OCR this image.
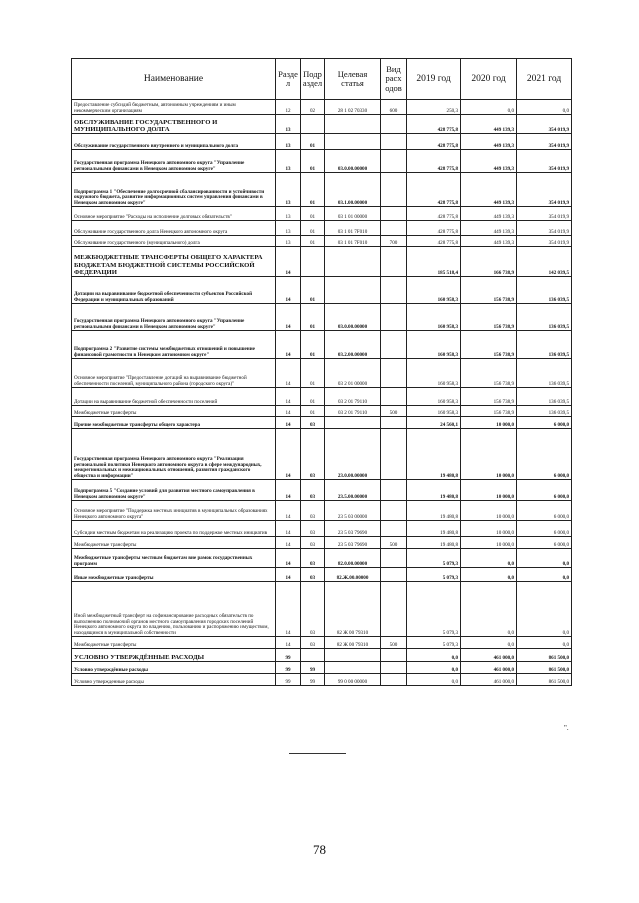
Наименование	Разде л	Подр аздел	Целевая статья	Вид расх одов	2019 год	2020 год	2021 год
Предоставление субсидий бюджетным, автономным учреждениям и иным некоммерческим организациям	12	02	28 1 02 70330	600	250,3	0,0	0,0
ОБСЛУЖИВАНИЕ ГОСУДАРСТВЕННОГО И МУНИЦИПАЛЬНОГО ДОЛГА	13				428 775,8	449 139,3	354 019,9
Обслуживание государственного внутреннего и муниципального долга	13	01			428 775,8	449 139,3	354 019,9
Государственная программа Ненецкого автономного округа "Управление региональными финансами в Ненецком автономном округе"	13	01	03.0.00.00000		428 775,8	449 139,3	354 019,9
Подпрограмма 1 "Обеспечение долгосрочной сбалансированности и устойчивости окружного бюджета, развитие информационных систем управления финансами в Ненецком автономном округе"	13	01	03.1.00.00000		428 775,8	449 139,3	354 019,9
Основное мероприятие "Расходы на исполнение долговых обязательств"	13	01	03 1 01 00000		428 775,8	449 139,3	354 019,9
Обслуживание государственного долга Ненецкого автономного округа	13	01	03 1 01 7F010		428 775,8	449 139,3	354 019,9
Обслуживание государственного (муниципального) долга	13	01	03 1 01 7F010	700	428 775,8	449 139,3	354 019,9
МЕЖБЮДЖЕТНЫЕ ТРАНСФЕРТЫ ОБЩЕГО ХАРАКТЕРА БЮДЖЕТАМ БЮДЖЕТНОЙ СИСТЕМЫ РОССИЙСКОЙ ФЕДЕРАЦИИ	14				185 518,4	166 738,9	142 039,5
Дотации на выравнивание бюджетной обеспеченности субъектов Российской Федерации и муниципальных образований	14	01			160 958,3	156 738,9	136 039,5
Государственная программа Ненецкого автономного округа "Управление региональными финансами в Ненецком автономном округе"	14	01	03.0.00.00000		160 958,3	156 738,9	136 039,5
Подпрограмма 2 "Развитие системы межбюджетных отношений и повышение финансовой грамотности в Ненецком автономном округе"	14	01	03.2.00.00000		160 958,3	156 738,9	136 039,5
Основное мероприятие "Предоставление дотаций на выравнивание бюджетной обеспеченности поселений, муниципального района (городского округа)"	14	01	03 2 01 00000		160 958,3	156 738,9	136 039,5
Дотации на выравнивание бюджетной обеспеченности поселений	14	01	03 2 01 79110		160 958,3	156 738,9	136 039,5
Межбюджетные трансферты	14	01	03 2 01 79110	500	160 958,3	156 738,9	136 039,5
Прочие межбюджетные трансферты общего характера	14	03			24 560,1	10 000,0	6 000,0
Государственная программа Ненецкого автономного округа "Реализация региональной политики Ненецкого автономного округа в сфере международных, межрегиональных и межнациональных отношений, развития гражданского общества и информации"	14	03	23.0.00.00000		19 480,8	10 000,0	6 000,0
Подпрограмма 5 "Создание условий для развития местного самоуправления в Ненецком автономном округе"	14	03	23.5.00.00000		19 480,8	10 000,0	6 000,0
Основное мероприятие "Поддержка местных инициатив в муниципальных образованиях Ненецкого автономного округа"	14	03	23 5 03 00000		19 480,8	10 000,0	6 000,0
Субсидии местным бюджетам на реализацию проекта по поддержке местных инициатив	14	03	23 5 03 79690		19 480,8	10 000,0	6 000,0
Межбюджетные трансферты	14	03	23 5 03 79690	500	19 480,8	10 000,0	6 000,0
Межбюджетные трансферты местным бюджетам вне рамок государственных программ	14	03	82.0.00.00000		5 079,3	0,0	0,0
Иные межбюджетные трансферты	14	03	82.Ж.00.00000		5 079,3	0,0	0,0
Иной межбюджетный трансферт на софинансирование расходных обязательств по выполнению полномочий органов местного самоуправления городских поселений Ненецкого автономного округа по владению, пользованию и распоряжению имуществом, находящимся в муниципальной собственности	14	03	82 Ж 00 79310		5 079,3	0,0	0,0
Межбюджетные трансферты	14	03	82 Ж 00 79310	500	5 079,3	0,0	0,0
УСЛОВНО УТВЕРЖДЁННЫЕ РАСХОДЫ	99				0,0	461 000,0	861 500,0
Условно утверждённые расходы	99	99			0,0	461 000,0	861 500,0
Условно утвержденные расходы	99	99	99 0 00 00000		0,0	461 000,0	861 500,0
".
78
